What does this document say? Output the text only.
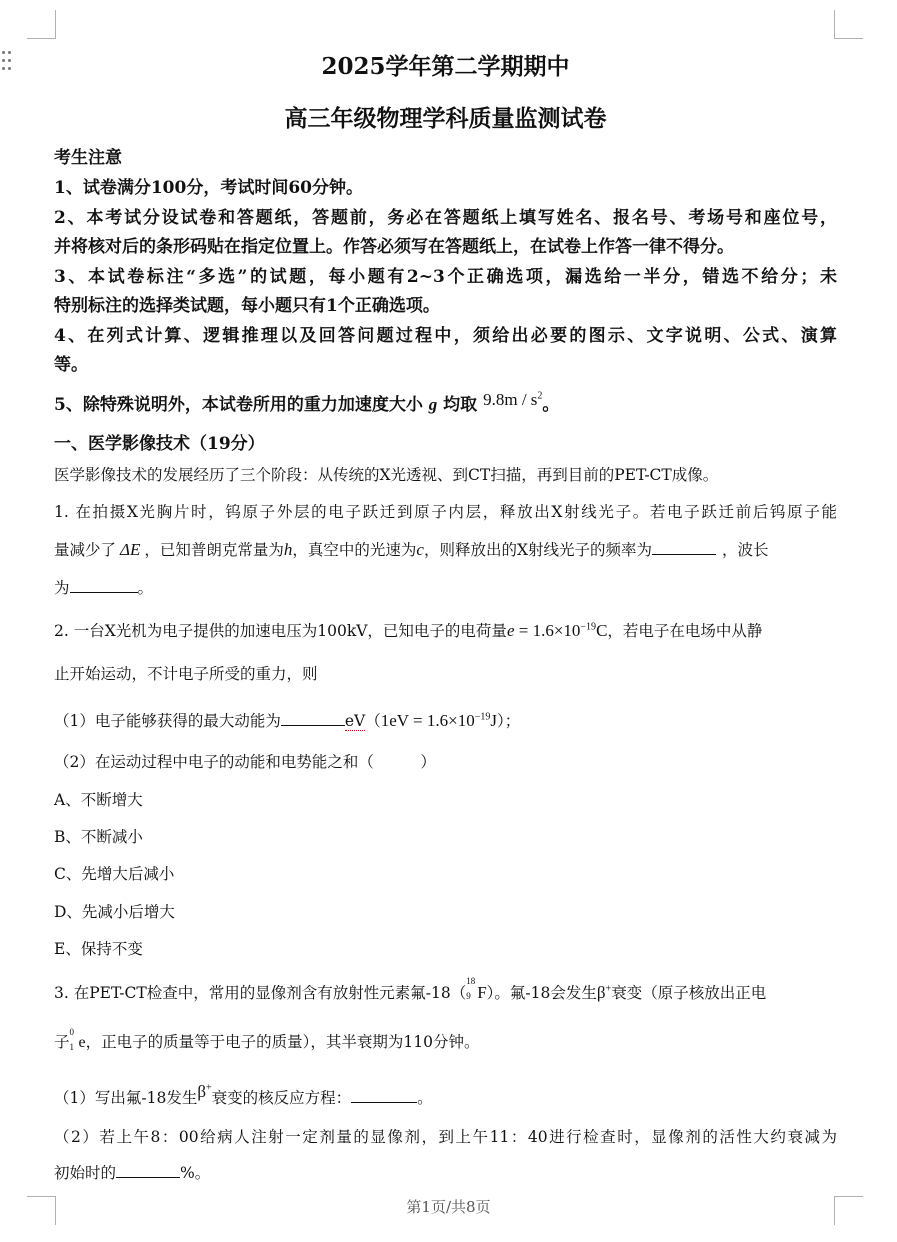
2025学年第二学期期中
高三年级物理学科质量监测试卷
考生注意
1、试卷满分100分，考试时间60分钟。
2、本考试分设试卷和答题纸，答题前，务必在答题纸上填写姓名、报名号、考场号和座位号，
并将核对后的条形码贴在指定位置上。作答必须写在答题纸上，在试卷上作答一律不得分。
3、本试卷标注“多选”的试题，每小题有2~3个正确选项，漏选给一半分，错选不给分；未
特别标注的选择类试题，每小题只有1个正确选项。
4、在列式计算、逻辑推理以及回答问题过程中，须给出必要的图示、文字说明、公式、演算
等。
5、除特殊说明外，本试卷所用的重力加速度大小 g 均取 $9.8m / s^2$。
一、医学影像技术（19分）
医学影像技术的发展经历了三个阶段：从传统的X光透视、到CT扫描，再到目前的PET-CT成像。
1. 在拍摄X光胸片时，钨原子外层的电子跃迁到原子内层，释放出X射线光子。若电子跃迁前后钨原子能
量减少了 ΔE ，已知普朗克常量为h，真空中的光速为c，则释放出的X射线光子的频率为	，波长
为	。
2. 一台X光机为电子提供的加速电压为100kV，已知电子的电荷量$e = 1.6\times 10^{-19}C$，若电子在电场中从静
止开始运动，不计电子所受的重力，则
（1）电子能够获得的最大动能为	$eV(1eV = 1.6\times 10^{-19}J)$；
（2）在运动过程中电子的动能和电势能之和（　　　）
A、不断增大
B、不断减小
C、先增大后减小
D、先减小后增大
E、保持不变
3. 在PET-CT检查中，常用的显像剂含有放射性元素氟-18（
18
9 F）。氟-18会发生β+衰变（原子核放出正电
子
0
1 e，正电子的质量等于电子的质量），其半衰期为110分钟。
（1）写出氟-18发生β+衰变的核反应方程：	。
（2）若上午8：00给病人注射一定剂量的显像剂，到上午11：40进行检查时，显像剂的活性大约衰减为
初始时的	%。
第1页/共8页
